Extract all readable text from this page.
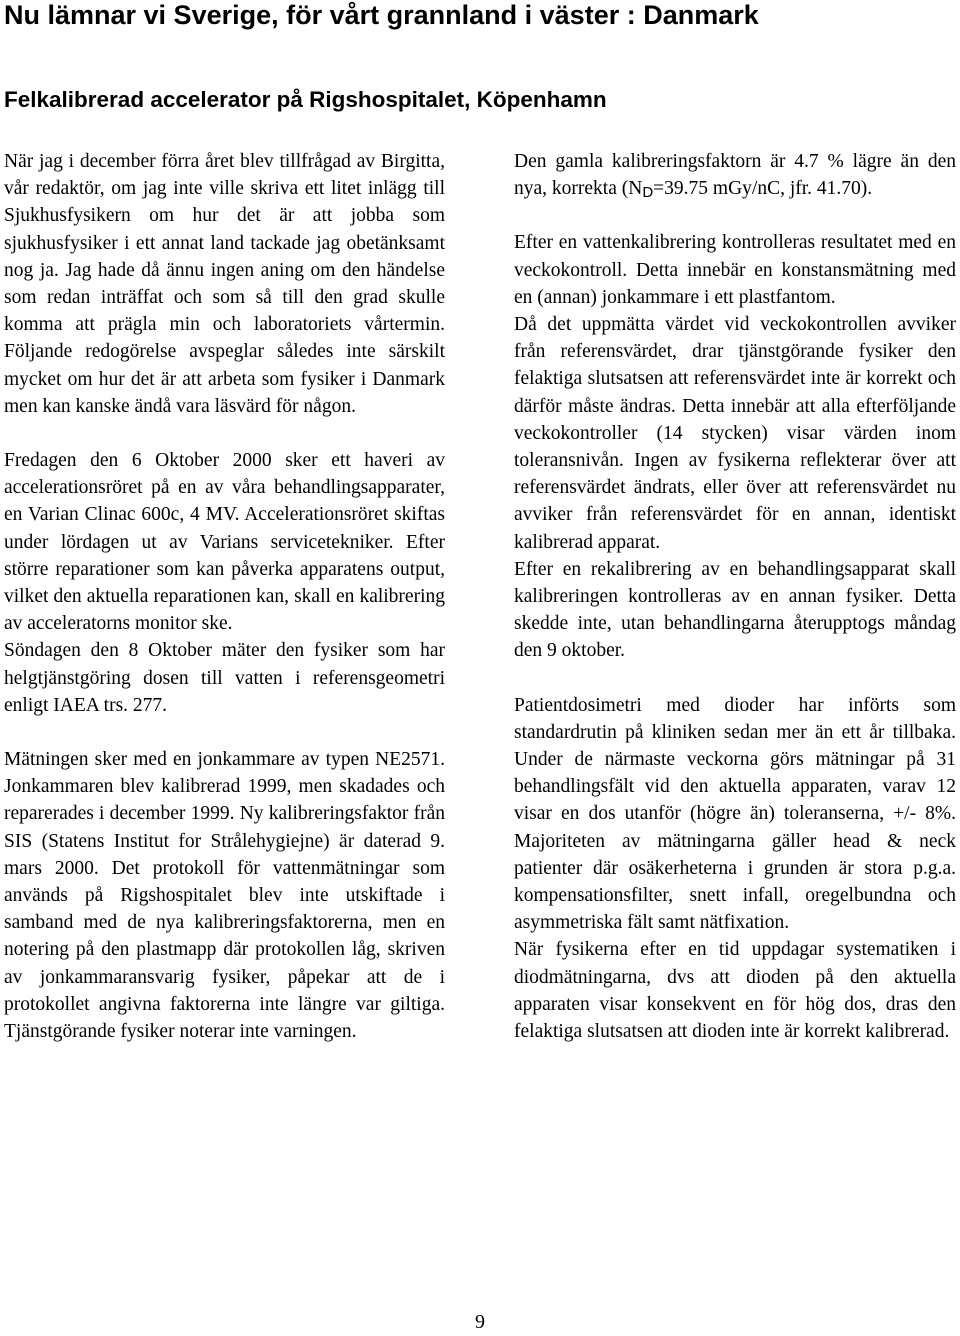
Nu lämnar vi Sverige, för vårt grannland i väster : Danmark
Felkalibrerad accelerator på Rigshospitalet, Köpenhamn

När jag i december förra året blev tillfrågad av Birgitta, vår redaktör, om jag inte ville skriva ett litet inlägg till Sjukhusfysikern om hur det är att jobba som sjukhusfysiker i ett annat land tackade jag obetänksamt nog ja. Jag hade då ännu ingen aning om den händelse som redan inträffat och som så till den grad skulle komma att prägla min och laboratoriets vårtermin. Följande redogörelse avspeglar således inte särskilt mycket om hur det är att arbeta som fysiker i Danmark men kan kanske ändå vara läsvärd för någon.

Fredagen den 6 Oktober 2000 sker ett haveri av accelerationsröret på en av våra behandlingsapparater, en Varian Clinac 600c, 4 MV. Accelerationsröret skiftas under lördagen ut av Varians servicetekniker. Efter större reparationer som kan påverka apparatens output, vilket den aktuella reparationen kan, skall en kalibrering av acceleratorns monitor ske.

Söndagen den 8 Oktober mäter den fysiker som har helgtjänstgöring dosen till vatten i referensgeometri enligt IAEA trs. 277.

Mätningen sker med en jonkammare av typen NE2571. Jonkammaren blev kalibrerad 1999, men skadades och reparerades i december 1999. Ny kalibreringsfaktor från SIS (Statens Institut for Strålehygiejne) är daterad 9. mars 2000. Det protokoll för vattenmätningar som används på Rigshospitalet blev inte utskiftade i samband med de nya kalibreringsfaktorerna, men en notering på den plastmapp där protokollen låg, skriven av jonkammaransvarig fysiker, påpekar att de i protokollet angivna faktorerna inte längre var giltiga. Tjänstgörande fysiker noterar inte varningen.

Den gamla kalibreringsfaktorn är 4.7 % lägre än den nya, korrekta ($N_D=39.75$ mGy/nC, jfr. 41.70).

Efter en vattenkalibrering kontrolleras resultatet med en veckokontroll. Detta innebär en konstansmätning med en (annan) jonkammare i ett plastfantom.

Då det uppmätta värdet vid veckokontrollen avviker från referensvärdet, drar tjänstgörande fysiker den felaktiga slutsatsen att referensvärdet inte är korrekt och därför måste ändras. Detta innebär att alla efterföljande veckokontroller (14 stycken) visar värden inom toleransnivån. Ingen av fysikerna reflekterar över att referensvärdet ändrats, eller över att referensvärdet nu avviker från referensvärdet för en annan, identiskt kalibrerad apparat.

Efter en rekalibrering av en behandlingsapparat skall kalibreringen kontrolleras av en annan fysiker. Detta skedde inte, utan behandlingarna återupptogs måndag den 9 oktober.

Patientdosimetri med dioder har införts som standardrutin på kliniken sedan mer än ett år tillbaka. Under de närmaste veckorna görs mätningar på 31 behandlingsfält vid den aktuella apparaten, varav 12 visar en dos utanför (högre än) toleranserna, +/- 8%. Majoriteten av mätningarna gäller head & neck patienter där osäkerheterna i grunden är stora p.g.a. kompensationsfilter, snett infall, oregelbundna och asymmetriska fält samt nätfixation.

När fysikerna efter en tid uppdagar systematiken i diodmätningarna, dvs att dioden på den aktuella apparaten visar konsekvent en för hög dos, dras den felaktiga slutsatsen att dioden inte är korrekt kalibrerad.

9
